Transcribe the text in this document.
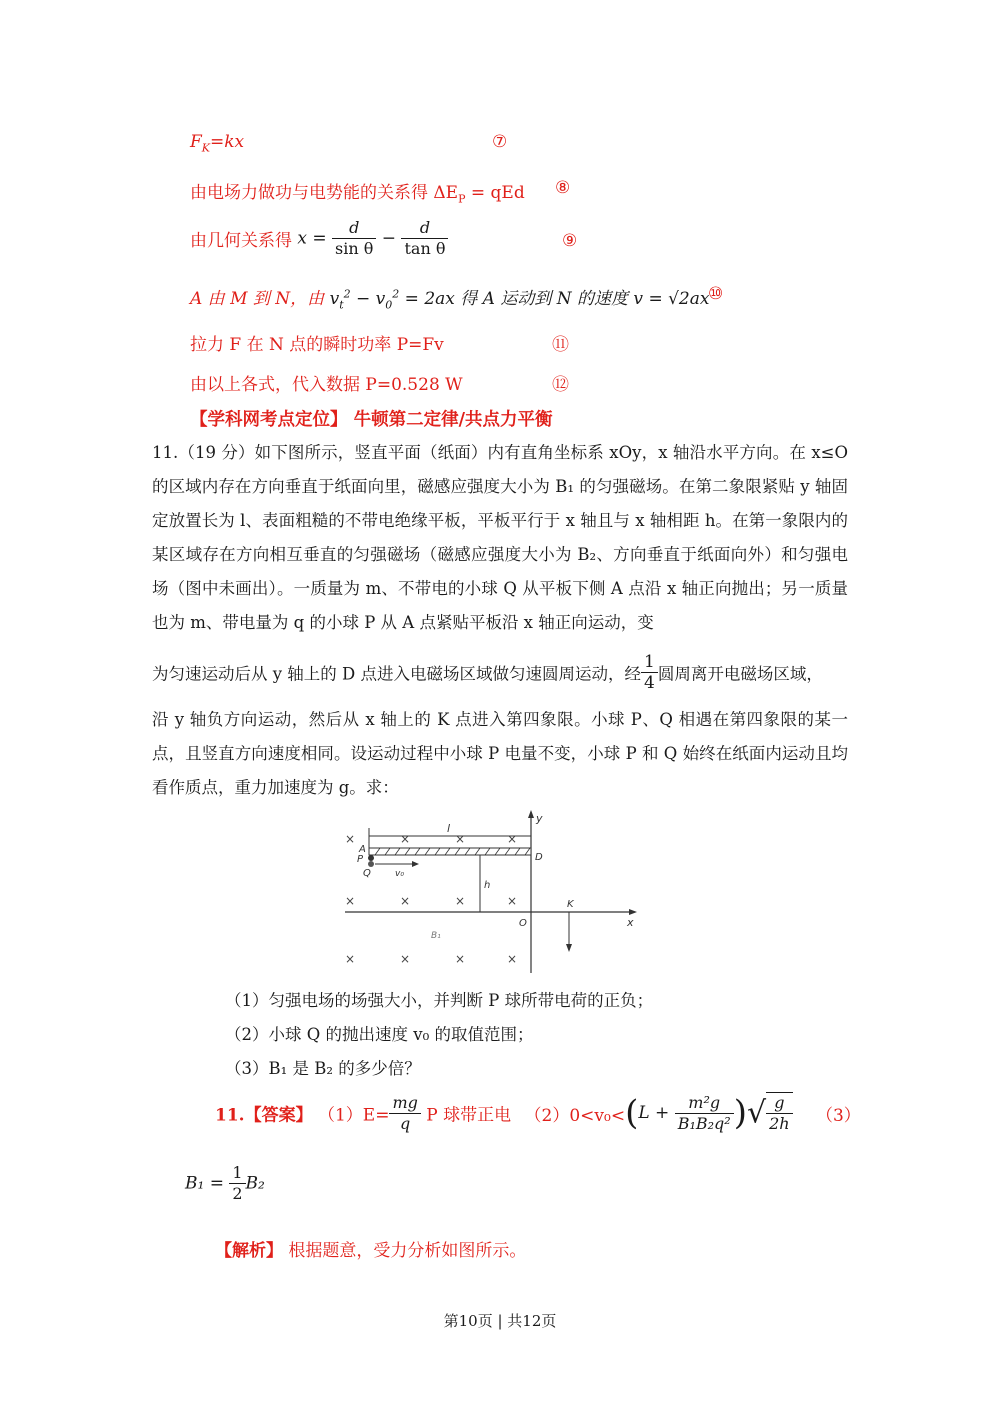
$F_K=kx$	⑦
由电场力做功与电势能的关系得 $\Delta E_P$ = qEd ⑧
由几何关系得 $x = \frac{d}{\text{sin θ}} - \frac{d}{\text{tan θ}}$	⑨
A 由 M 到 N，由 $v_t^2 - v_0^2 = 2ax$ 得 A 运动到 N 的速度 v = √2ax
⑩
拉力 F 在 N 点的瞬时功率 P=Fv	⑪
由以上各式，代入数据 P=0.528 W	⑫
【学科网考点定位】 牛顿第二定律/共点力平衡
11.（19 分）如下图所示，竖直平面（纸面）内有直角坐标系 xOy，x 轴沿水平方向。在 x≤O 的区域内存在方向垂直于纸面向里，磁感应强度大小为 B₁ 的匀强磁场。在第二象限紧贴 y 轴固定放置长为 l、表面粗糙的不带电绝缘平板，平板平行于 x 轴且与 x 轴相距 h。在第一象限内的某区域存在方向相互垂直的匀强磁场（磁感应强度大小为 B₂、方向垂直于纸面向外）和匀强电场（图中未画出）。一质量为 m、不带电的小球 Q 从平板下侧 A 点沿 x 轴正向抛出；另一质量也为 m、带电量为 q 的小球 P 从 A 点紧贴平板沿 x 轴正向运动，变
为匀速运动后从 y 轴上的 D 点进入电磁场区域做匀速圆周运动，经 $\frac{1}{4}$ 圆周离开电磁场区域，
沿 y 轴负方向运动，然后从 x 轴上的 K 点进入第四象限。小球 P、Q 相遇在第四象限的某一点，且竖直方向速度相同。设运动过程中小球 P 电量不变，小球 P 和 Q 始终在纸面内运动且均看作质点，重力加速度为 g。求：
×	×	×	×
×	×	×	×
×	×	×	×
y
x
l
A
P
Q	v₀
D
h
O
K
B₁
（1）匀强电场的场强大小，并判断 P 球所带电荷的正负；
（2）小球 Q 的抛出速度 v₀ 的取值范围；
（3）B₁ 是 B₂ 的多少倍？
11.【答案】 $(1)E= \frac{mg}{q}$ P 球带正电 $(2)0<v_0<(L + \frac{\text{m²g}}{\text{B₁B₂q²}}$ )√ $\frac{g}{2h} (3)$
$B_1 = \frac{1}{2} B_2$
【解析】 根据题意，受力分析如图所示。
第10页 | 共12页
